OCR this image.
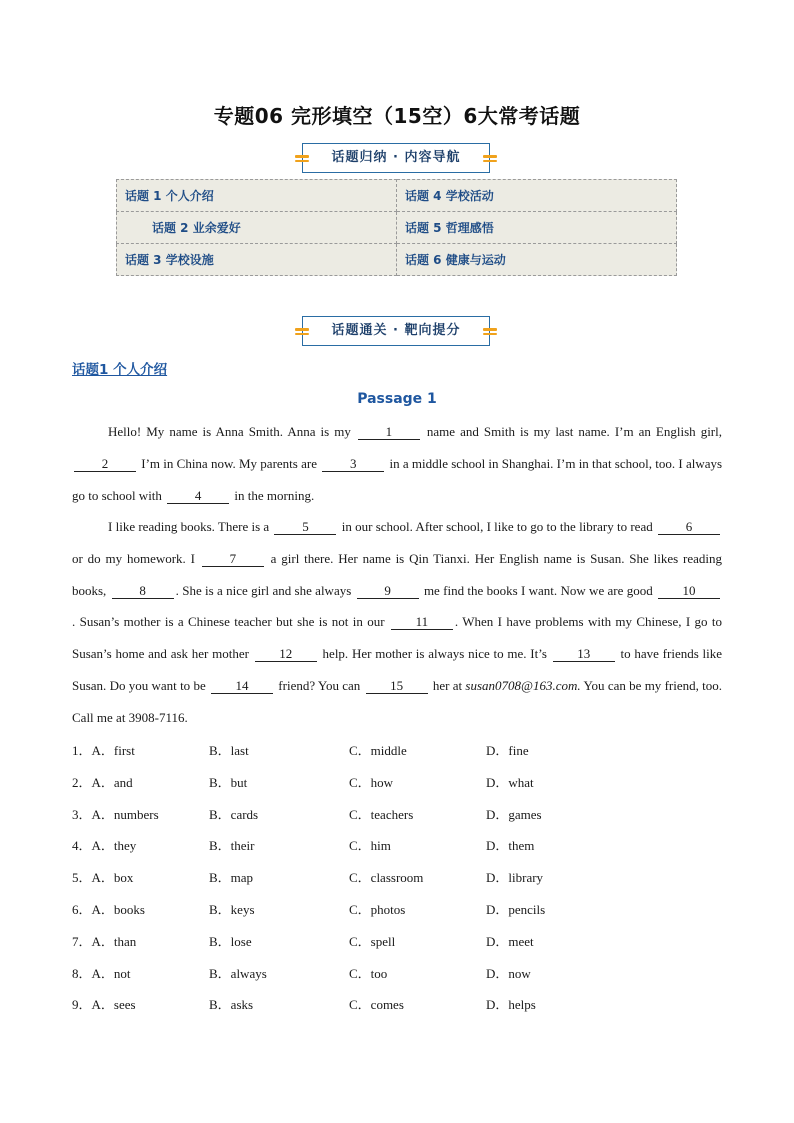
专题06 完形填空（15空）6大常考话题
话题归纳 · 内容导航
话题 1 个人介绍	话题 4 学校活动
话题 2 业余爱好	话题 5 哲理感悟
话题 3 学校设施	话题 6 健康与运动
话题通关 · 靶向提分
话题1 个人介绍
Passage 1

Hello! My name is Anna Smith. Anna is my	1	name and Smith is my last name. I’m an English girl, 2	I’m in China now. My parents are	3	in a middle school in Shanghai. I’m in that school, too. I always go to school with	4	in the morning.

I like reading books. There is a	5	in our school. After school, I like to go to the library to read	6 or do my homework. I	7	a girl there. Her name is Qin Tianxi. Her English name is Susan. She likes reading books,	8 . She is a nice girl and she always	9	me find the books I want. Now we are good 10. Susan’s mother is a Chinese teacher but she is not in our 11 . When I have problems with my Chinese, I go to Susan’s home and ask her mother 12 help. Her mother is always nice to me. It’s 13 to have friends like Susan. Do you want to be 14 friend? You can 15 her at susan0708@163.com. You can be my friend, too. Call me at 3908-7116.

1．A．first	B．last	C．middle	D．fine
2．A．and	B．but	C．how	D．what
3．A．numbers	B．cards	C．teachers	D．games
4．A．they	B．their	C．him	D．them
5．A．box	B．map	C．classroom	D．library
6．A．books	B．keys	C．photos	D．pencils
7．A．than	B．lose	C．spell	D．meet
8．A．not	B．always	C．too	D．now
9．A．sees	B．asks	C．comes	D．helps
